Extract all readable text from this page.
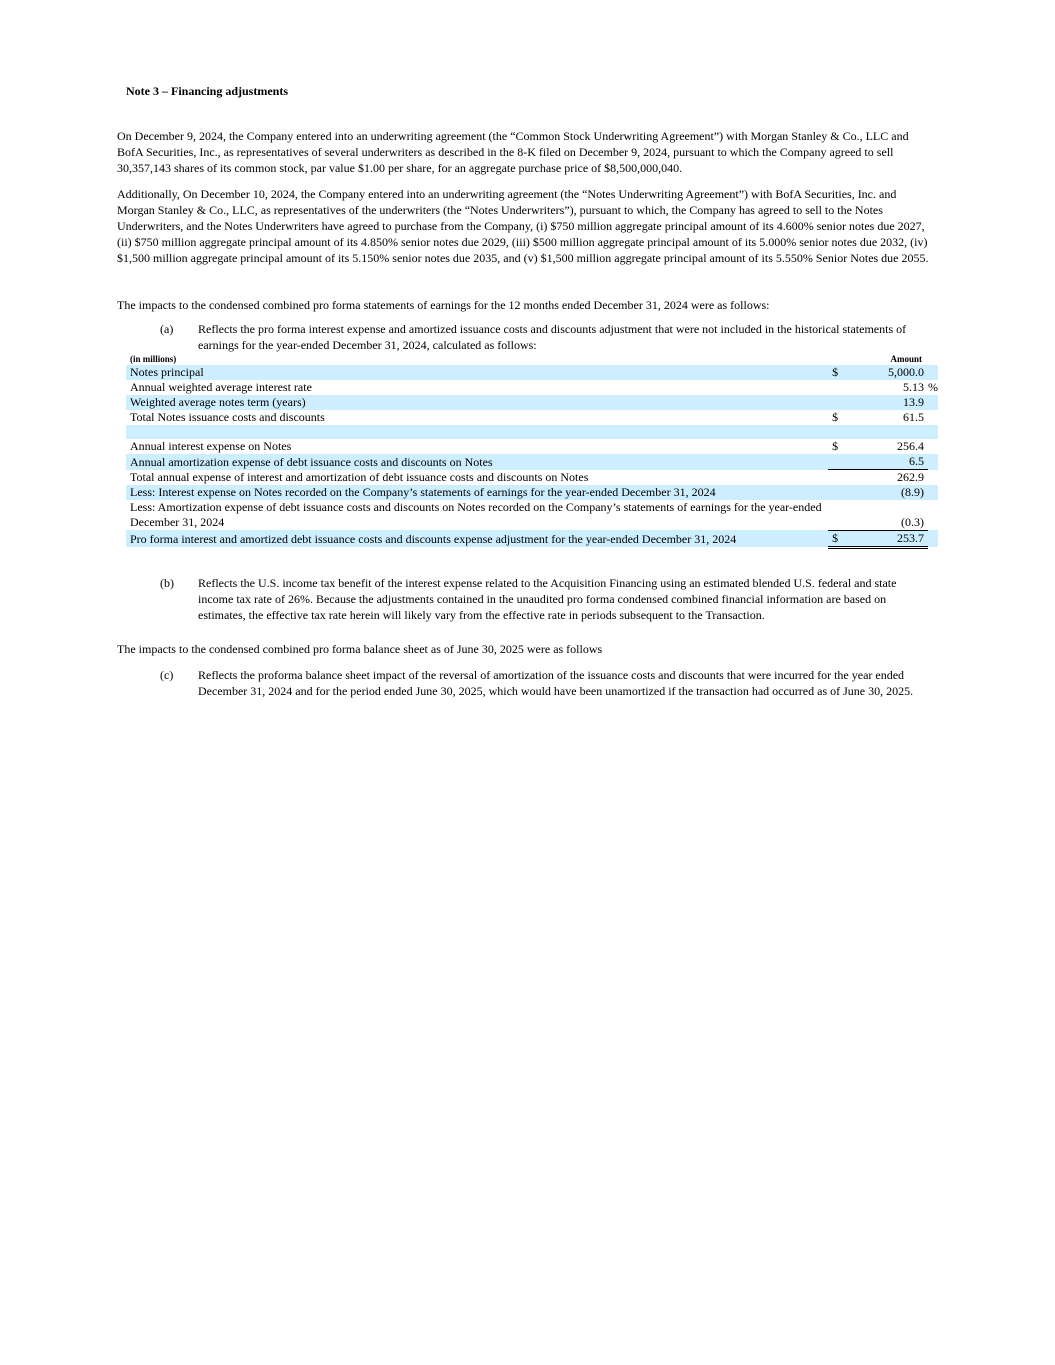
Note 3 – Financing adjustments
On December 9, 2024, the Company entered into an underwriting agreement (the “Common Stock Underwriting Agreement”) with Morgan Stanley & Co., LLC and BofA Securities, Inc., as representatives of several underwriters as described in the 8-K filed on December 9, 2024, pursuant to which the Company agreed to sell 30,357,143 shares of its common stock, par value $1.00 per share, for an aggregate purchase price of $8,500,000,040.
Additionally, On December 10, 2024, the Company entered into an underwriting agreement (the “Notes Underwriting Agreement”) with BofA Securities, Inc. and Morgan Stanley & Co., LLC, as representatives of the underwriters (the “Notes Underwriters”), pursuant to which, the Company has agreed to sell to the Notes Underwriters, and the Notes Underwriters have agreed to purchase from the Company, (i) $750 million aggregate principal amount of its 4.600% senior notes due 2027, (ii) $750 million aggregate principal amount of its 4.850% senior notes due 2029, (iii) $500 million aggregate principal amount of its 5.000% senior notes due 2032, (iv) $1,500 million aggregate principal amount of its 5.150% senior notes due 2035, and (v) $1,500 million aggregate principal amount of its 5.550% Senior Notes due 2055.
The impacts to the condensed combined pro forma statements of earnings for the 12 months ended December 31, 2024 were as follows:
(a) Reflects the pro forma interest expense and amortized issuance costs and discounts adjustment that were not included in the historical statements of earnings for the year-ended December 31, 2024, calculated as follows:
(in millions)	Amount		
Notes principal	$	5,000.0	
Annual weighted average interest rate		5.13	%
Weighted average notes term (years)		13.9	
Total Notes issuance costs and discounts	$	61.5	

Annual interest expense on Notes	$	256.4	
Annual amortization expense of debt issuance costs and discounts on Notes		6.5	
Total annual expense of interest and amortization of debt issuance costs and discounts on Notes		262.9	
Less: Interest expense on Notes recorded on the Company’s statements of earnings for the year-ended December 31, 2024		(8.9)	
Less: Amortization expense of debt issuance costs and discounts on Notes recorded on the Company’s statements of earnings for the year-ended December 31, 2024		(0.3)	
Pro forma interest and amortized debt issuance costs and discounts expense adjustment for the year-ended December 31, 2024	$	253.7	
(b) Reflects the U.S. income tax benefit of the interest expense related to the Acquisition Financing using an estimated blended U.S. federal and state income tax rate of 26%. Because the adjustments contained in the unaudited pro forma condensed combined financial information are based on estimates, the effective tax rate herein will likely vary from the effective rate in periods subsequent to the Transaction.
The impacts to the condensed combined pro forma balance sheet as of June 30, 2025 were as follows
(c) Reflects the proforma balance sheet impact of the reversal of amortization of the issuance costs and discounts that were incurred for the year ended December 31, 2024 and for the period ended June 30, 2025, which would have been unamortized if the transaction had occurred as of June 30, 2025.
